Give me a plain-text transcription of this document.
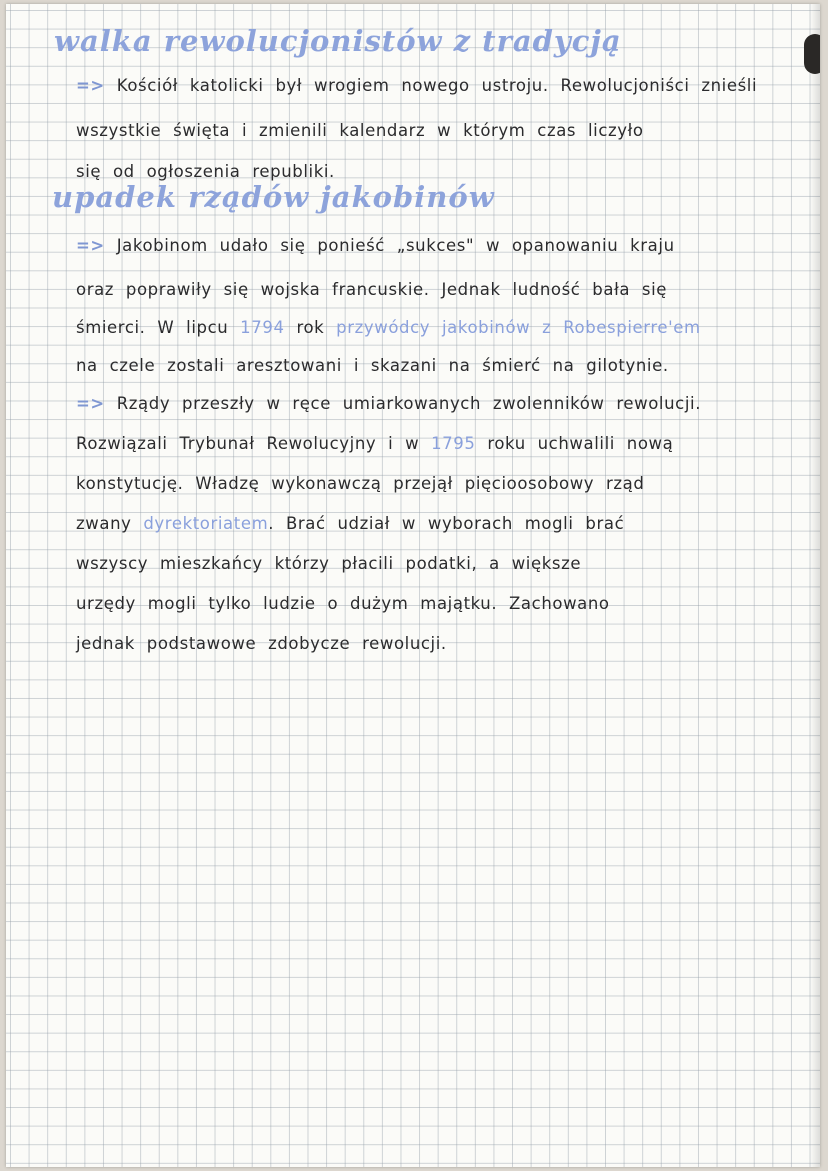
walka rewolucjonistów z tradycją
=> Kościół katolicki był wrogiem nowego ustroju. Rewolucjoniści znieśli
wszystkie święta i zmienili kalendarz w którym czas liczyło
się od ogłoszenia republiki.
upadek rządów jakobinów
=> Jakobinom udało się ponieść „sukces" w opanowaniu kraju
oraz poprawiły się wojska francuskie. Jednak ludność bała się
śmierci. W lipcu 1794 rok przywódcy jakobinów z Robespierre'em
na czele zostali aresztowani i skazani na śmierć na gilotynie.
=> Rządy przeszły w ręce umiarkowanych zwolenników rewolucji.
Rozwiązali Trybunał Rewolucyjny i w 1795 roku uchwalili nową
konstytucję. Władzę wykonawczą przejął pięcioosobowy rząd
zwany dyrektoriatem. Brać udział w wyborach mogli brać
wszyscy mieszkańcy którzy płacili podatki, a większe
urzędy mogli tylko ludzie o dużym majątku. Zachowano
jednak podstawowe zdobycze rewolucji.
